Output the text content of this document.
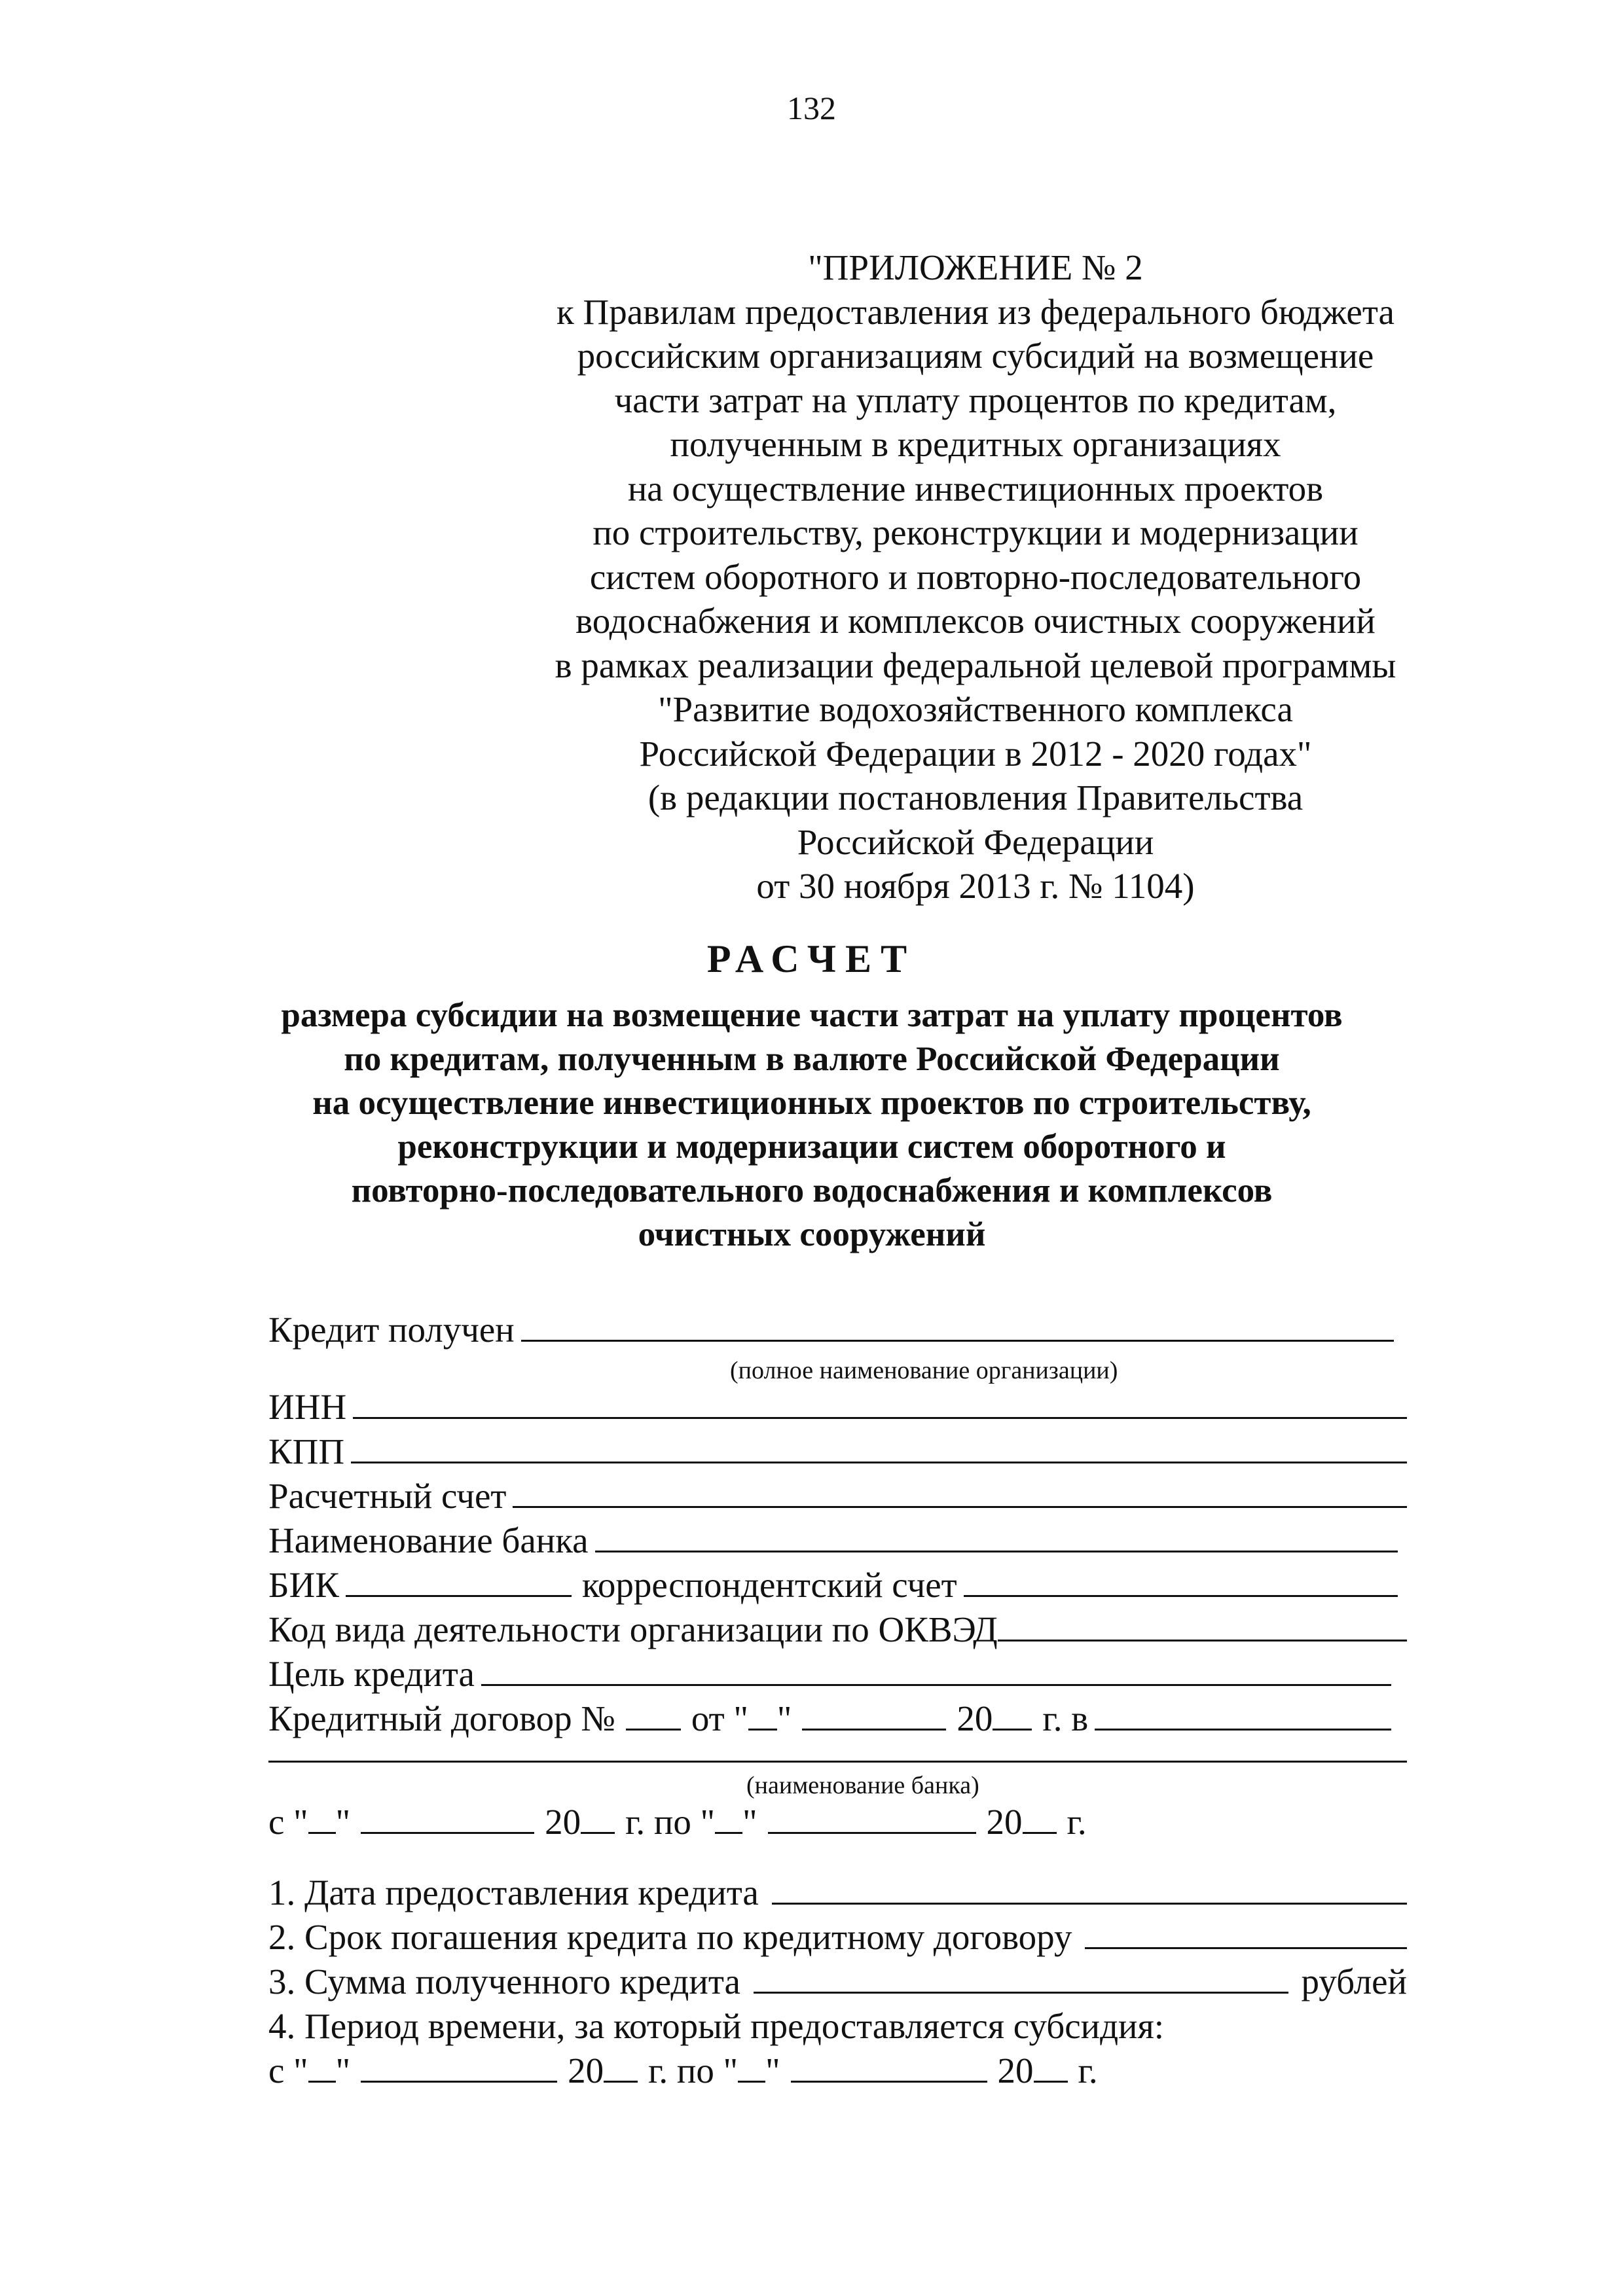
132
"ПРИЛОЖЕНИЕ № 2
к Правилам предоставления из федерального бюджета
российским организациям субсидий на возмещение
части затрат на уплату процентов по кредитам,
полученным в кредитных организациях
на осуществление инвестиционных проектов
по строительству, реконструкции и модернизации
систем оборотного и повторно-последовательного
водоснабжения и комплексов очистных сооружений
в рамках реализации федеральной целевой программы
"Развитие водохозяйственного комплекса
Российской Федерации в 2012 - 2020 годах"
(в редакции постановления Правительства
Российской Федерации
от 30 ноября 2013 г. № 1104)
РАСЧЕТ
размера субсидии на возмещение части затрат на уплату процентов
по кредитам, полученным в валюте Российской Федерации
на осуществление инвестиционных проектов по строительству,
реконструкции и модернизации систем оборотного и
повторно-последовательного водоснабжения и комплексов
очистных сооружений
Кредит получен
(полное наименование организации)
ИНН
КПП
Расчетный счет
Наименование банка
БИК	корреспондентский счет
Код вида деятельности организации по ОКВЭД
Цель кредита
Кредитный договор № от " "	20 г. в
(наименование банка)
с " "	20 г. по " "	20 г.
1. Дата предоставления кредита
2. Срок погашения кредита по кредитному договору
3. Сумма полученного кредита	рублей
4. Период времени, за который предоставляется субсидия:
с " "	20 г. по " "	20 г.
